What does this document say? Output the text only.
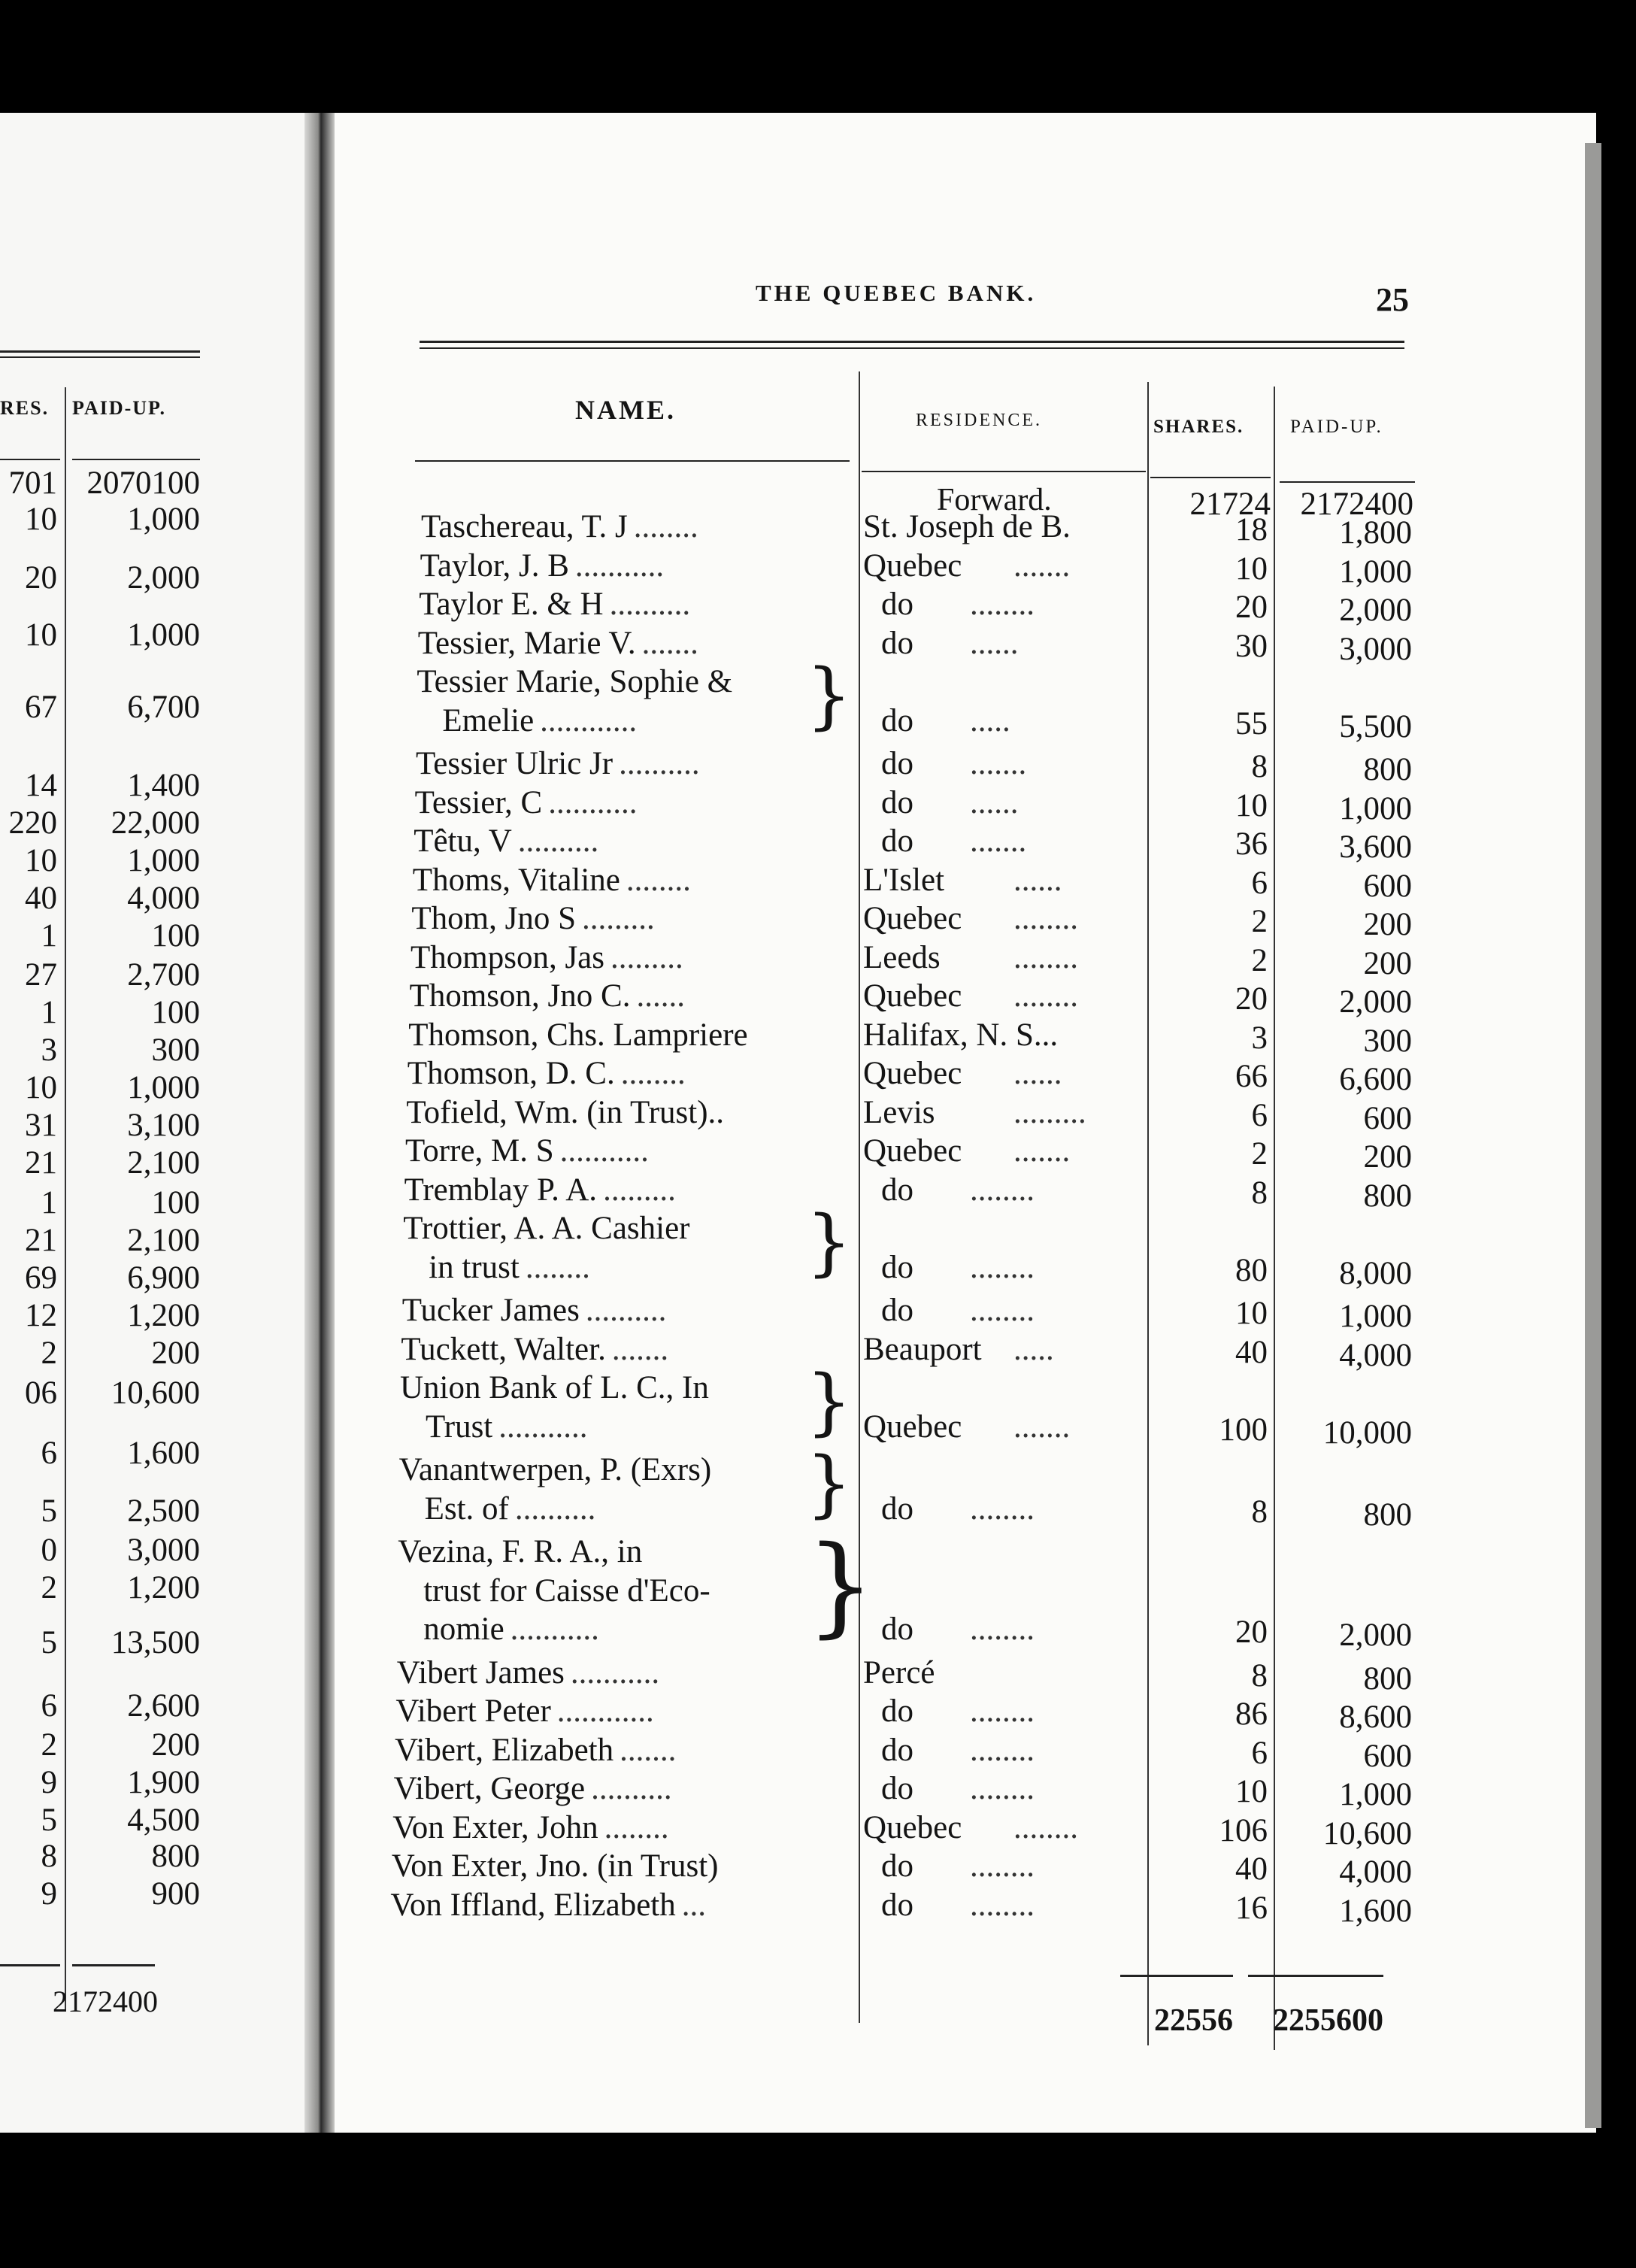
RES. PAID-UP.
701 2070100
10	1,000
20	2,000
10	1,000
67	6,700
14	1,400
220	22,000
10	1,000
40	4,000
1	100
27	2,700
1	100
3	300
10	1,000
31	3,100
21	2,100
1	100
21	2,100
69	6,900
12	1,200
2	200
06	10,600
6	1,600
5	2,500
0	3,000
2	1,200
5	13,500
6	2,600
2	200
9	1,900
5	4,500
8	800
9	900
2172400
THE QUEBEC BANK.	25
NAME.	RESIDENCE.	SHARES. PAID-UP.
Forward.	21724 2172400
Taschereau, T. J ........	St. Joseph de B.	18	1,800
Taylor, J. B ...........	Quebec .......	10	1,000
Taylor E. & H ..........	do ........	20	2,000
Tessier, Marie V. .......	do ......	30	3,000
Tessier Marie, Sophie &
Emelie ............ } do .....	55	5,500
Tessier Ulric Jr ..........	do .......	8	800
Tessier, C ...........	do ......	10	1,000
Têtu, V ..........	do .......	36	3,600
Thoms, Vitaline ........	L'Islet ......	6	600
Thom, Jno S .........	Quebec ........	2	200
Thompson, Jas .........	Leeds ........	2	200
Thomson, Jno C. ......	Quebec ........	20	2,000
Thomson, Chs. Lampriere	Halifax, N. S...	3	300
Thomson, D. C. ........	Quebec ......	66	6,600
Tofield, Wm. (in Trust)..	Levis .........	6	600
Torre, M. S ...........	Quebec .......	2	200
Tremblay P. A. .........	do ........	8	800
Trottier, A. A. Cashier
in trust ........	} do ........	80	8,000
Tucker James ..........	do ........	10	1,000
Tuckett, Walter. .......	Beauport .....	40	4,000
Union Bank of L. C., In
Trust ...........	} Quebec .......	100	10,000
Vanantwerpen, P. (Exrs)
Est. of ..........	} do ........	8	800
Vezina, F. R. A., in
trust for Caisse d'Eco-
nomie ........... } do ........	20	2,000
Vibert James ...........	Percé	8	800
Vibert Peter ............	do ........	86	8,600
Vibert, Elizabeth .......	do ........	6	600
Vibert, George ..........	do ........	10	1,000
Von Exter, John ........	Quebec ........	106	10,600
Von Exter, Jno. (in Trust)	do ........	40	4,000
Von Iffland, Elizabeth ...	do ........	16	1,600
22556	2255600
